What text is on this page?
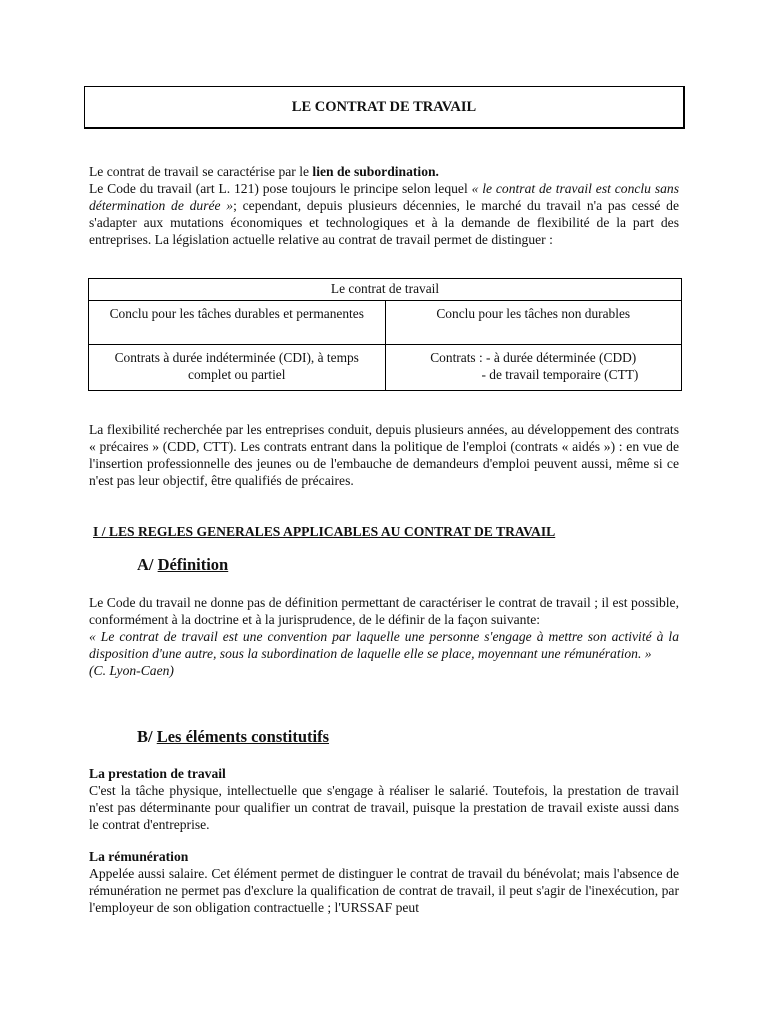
LE CONTRAT DE TRAVAIL

Le contrat de travail se caractérise par le lien de subordination.

Le Code du travail (art L. 121) pose toujours le principe selon lequel « le contrat de travail est conclu sans détermination de durée »; cependant, depuis plusieurs décennies, le marché du travail n'a pas cessé de s'adapter aux mutations économiques et technologiques et à la demande de flexibilité de la part des entreprises. La législation actuelle relative au contrat de travail permet de distinguer :

Le contrat de travail	
Conclu pour les tâches durables et permanentes	Conclu pour les tâches non durables
Contrats à durée indéterminée (CDI), à temps complet ou partiel	Contrats : - à durée déterminée (CDD)
- de travail temporaire (CTT)

La flexibilité recherchée par les entreprises conduit, depuis plusieurs années, au développement des contrats « précaires » (CDD, CTT). Les contrats entrant dans la politique de l'emploi (contrats « aidés ») : en vue de l'insertion professionnelle des jeunes ou de l'embauche de demandeurs d'emploi peuvent aussi, même si ce n'est pas leur objectif, être qualifiés de précaires.

I / LES REGLES GENERALES APPLICABLES AU CONTRAT DE TRAVAIL
A/ Définition

Le Code du travail ne donne pas de définition permettant de caractériser le contrat de travail ; il est possible, conformément à la doctrine et à la jurisprudence, de le définir de la façon suivante:

« Le contrat de travail est une convention par laquelle une personne s'engage à mettre son activité à la disposition d'une autre, sous la subordination de laquelle elle se place, moyennant une rémunération. »

(C. Lyon-Caen)

B/ Les éléments constitutifs

La prestation de travail

C'est la tâche physique, intellectuelle que s'engage à réaliser le salarié. Toutefois, la prestation de travail n'est pas déterminante pour qualifier un contrat de travail, puisque la prestation de travail existe aussi dans le contrat d'entreprise.

La rémunération

Appelée aussi salaire. Cet élément permet de distinguer le contrat de travail du bénévolat; mais l'absence de rémunération ne permet pas d'exclure la qualification de contrat de travail, il peut s'agir de l'inexécution, par l'employeur de son obligation contractuelle ; l'URSSAF peut
